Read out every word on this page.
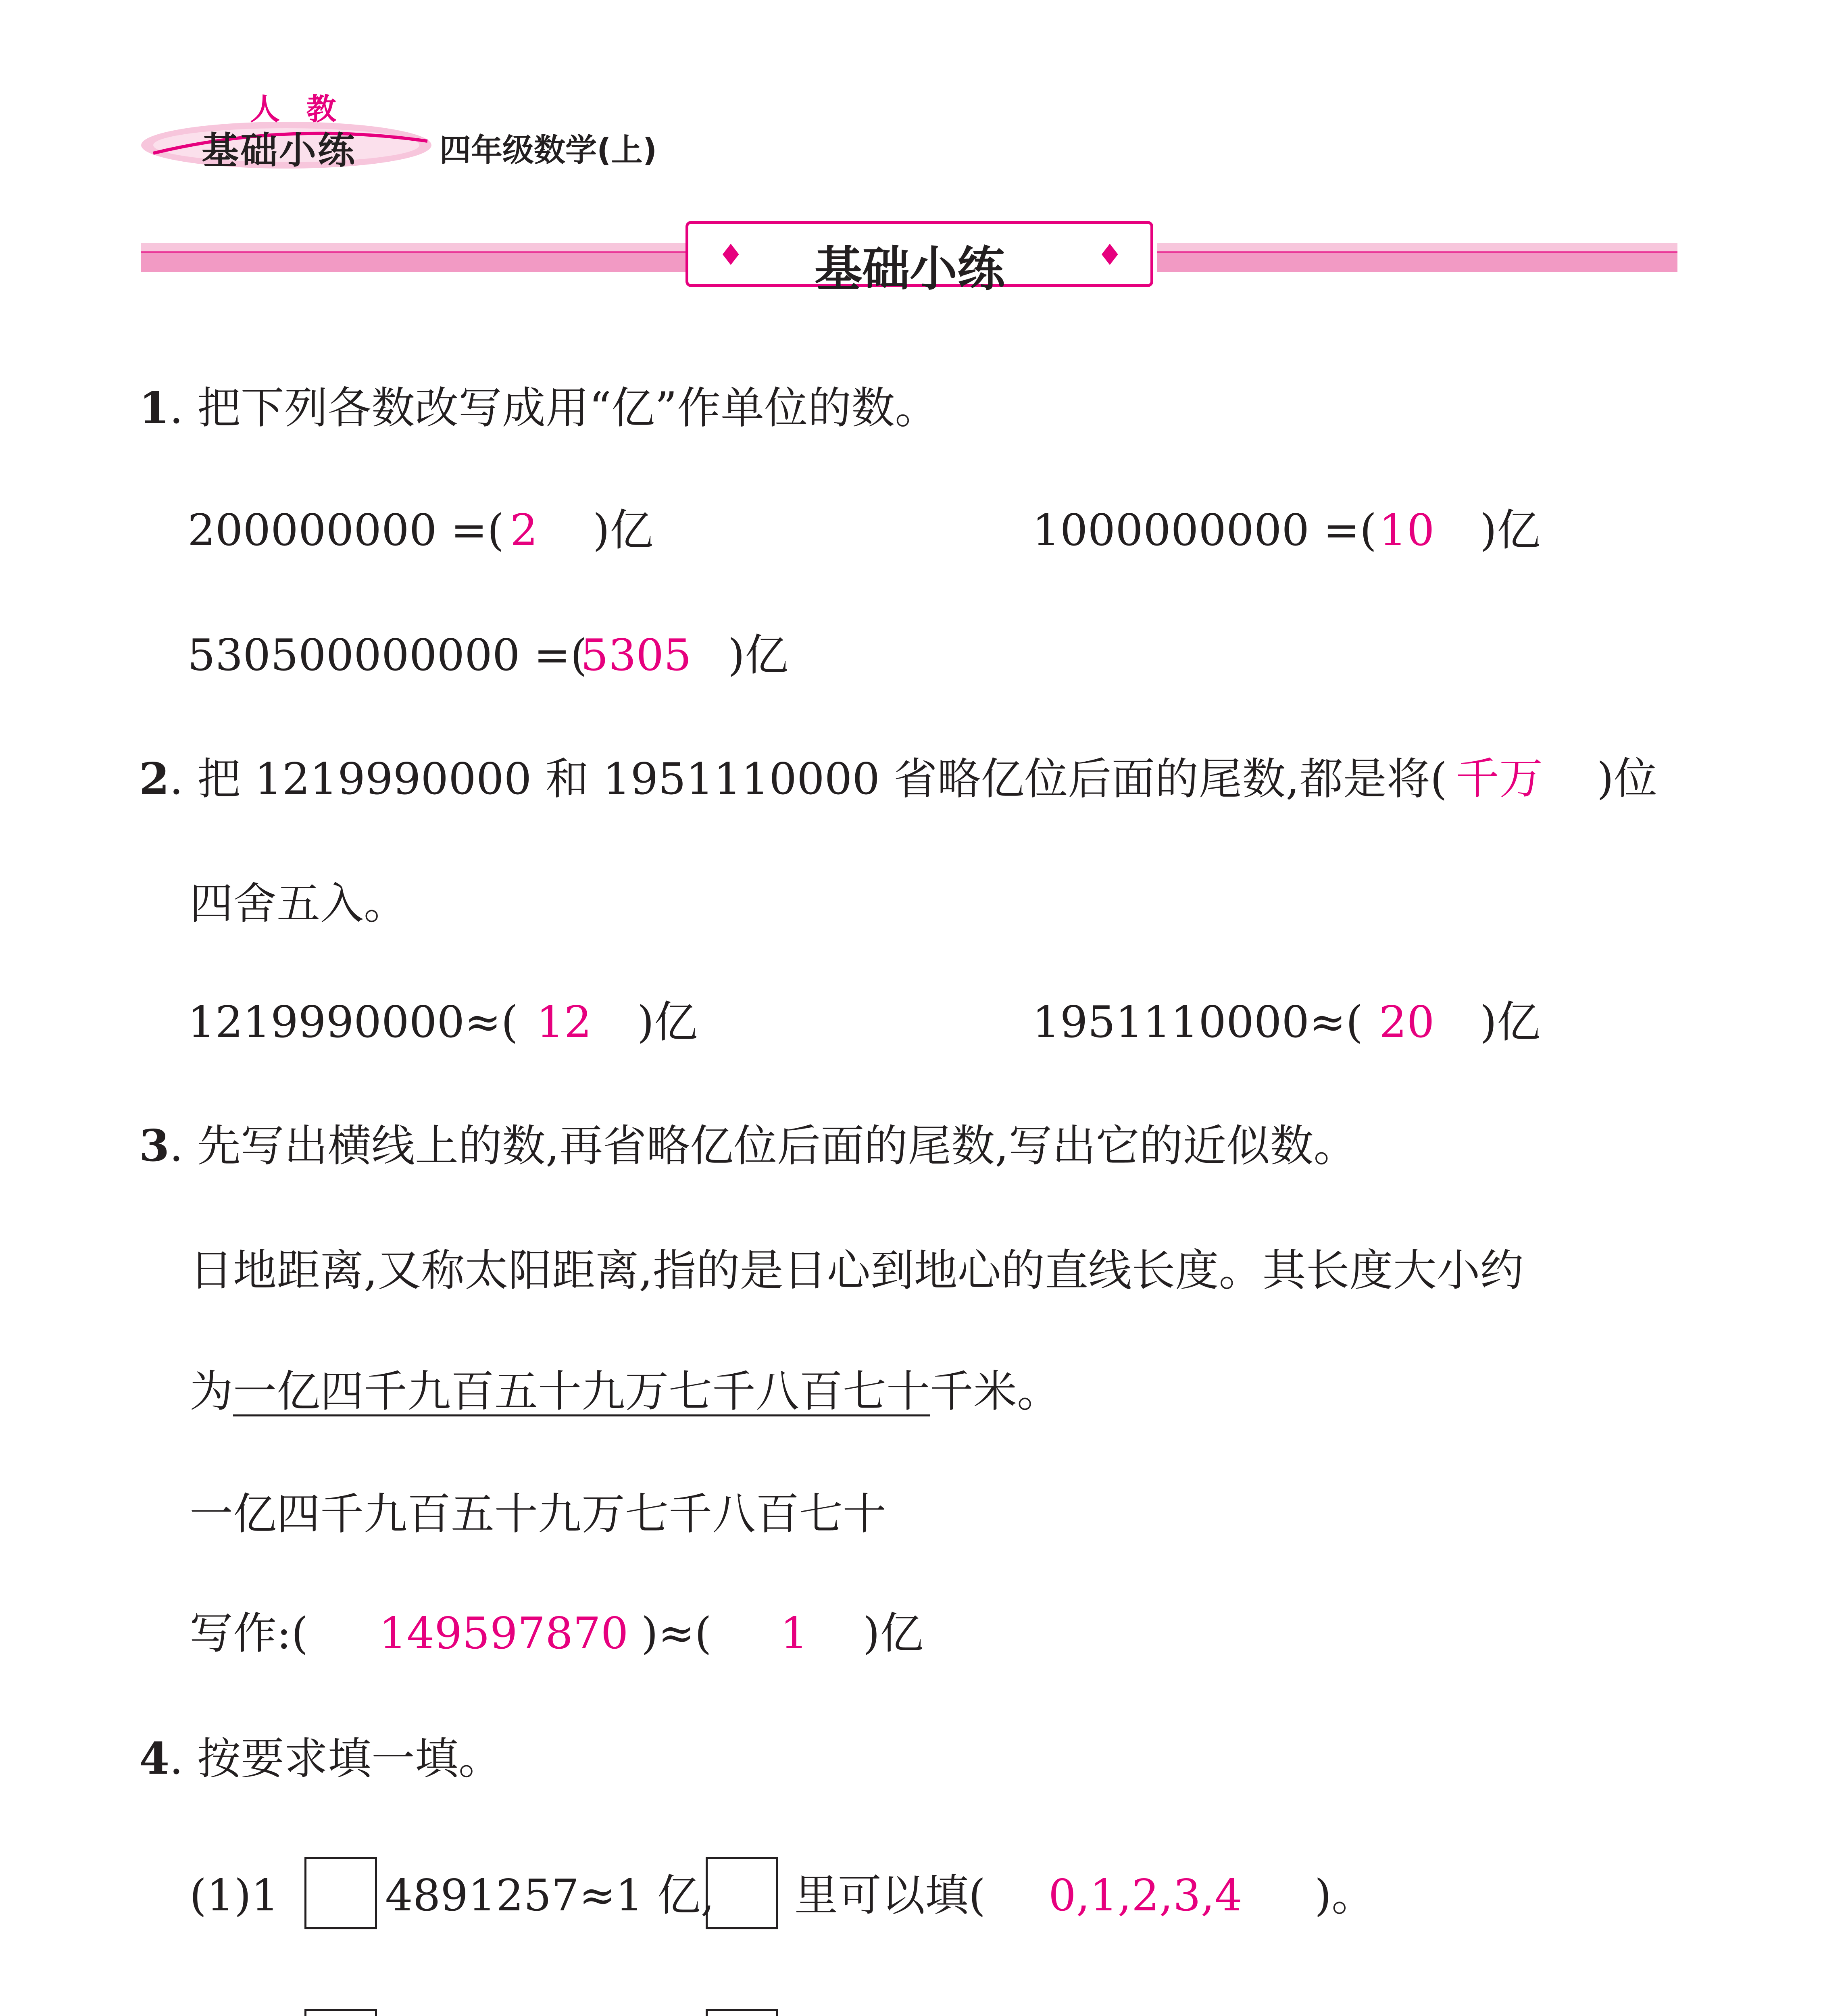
人 教
基础小练	四年级数学(上)
♦ 基础小练	♦
1. 把下列各数改写成用“亿”作单位的数。
200000000 =( 2 )亿	1000000000 =( 10 )亿
530500000000 =(
5305 )亿
2. 把 1219990000 和 1951110000 省略亿位后面的尾数,都是将( 千万 )位
四舍五入。
1219990000≈( 12 )亿	1951110000≈( 20 )亿
3. 先写出横线上的数,再省略亿位后面的尾数,写出它的近似数。
日地距离,又称太阳距离,指的是日心到地心的直线长度。其长度大小约
为一亿四千九百五十九万七千八百七十千米。
一亿四千九百五十九万七千八百七十
写作:( 149597870 )≈( 1 )亿
4. 按要求填一填。
(1)1 4891257≈1 亿, 里可以填( 0,1,2,3,4 )。
